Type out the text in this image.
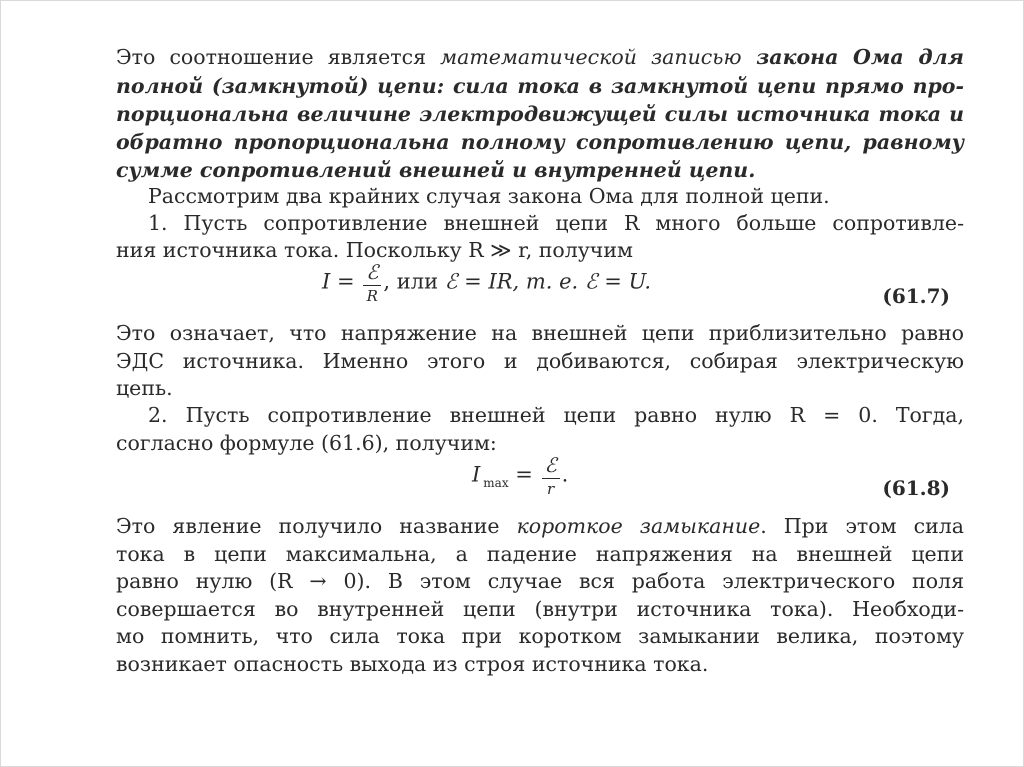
Это соотношение является математической записью закона Ома для
полной (замкнутой) цепи: сила тока в замкнутой цепи прямо про-
порциональна величине электродвижущей силы источника тока и
обратно пропорциональна полному сопротивлению цепи, равному
сумме сопротивлений внешней и внутренней цепи.
Рассмотрим два крайних случая закона Ома для полной цепи.
1. Пусть сопротивление внешней цепи R много больше сопротивле-
ния источника тока. Поскольку R ≫ r, получим
$I = \frac{\text{ℰ}}{R}$ , или ℰ = IR, т. е. ℰ = U.
(61.7)
Это означает, что напряжение на внешней цепи приблизительно равно
ЭДС источника. Именно этого и добиваются, собирая электрическую
цепь.
2. Пусть сопротивление внешней цепи равно нулю R = 0. Тогда,
согласно формуле (61.6), получим:
I $_{max} = \frac{\text{ℰ}}{r}$ .
(61.8)
Это явление получило название короткое замыкание. При этом сила
тока в цепи максимальна, а падение напряжения на внешней цепи
равно нулю (R → 0). В этом случае вся работа электрического поля
совершается во внутренней цепи (внутри источника тока). Необходи-
мо помнить, что сила тока при коротком замыкании велика, поэтому
возникает опасность выхода из строя источника тока.
